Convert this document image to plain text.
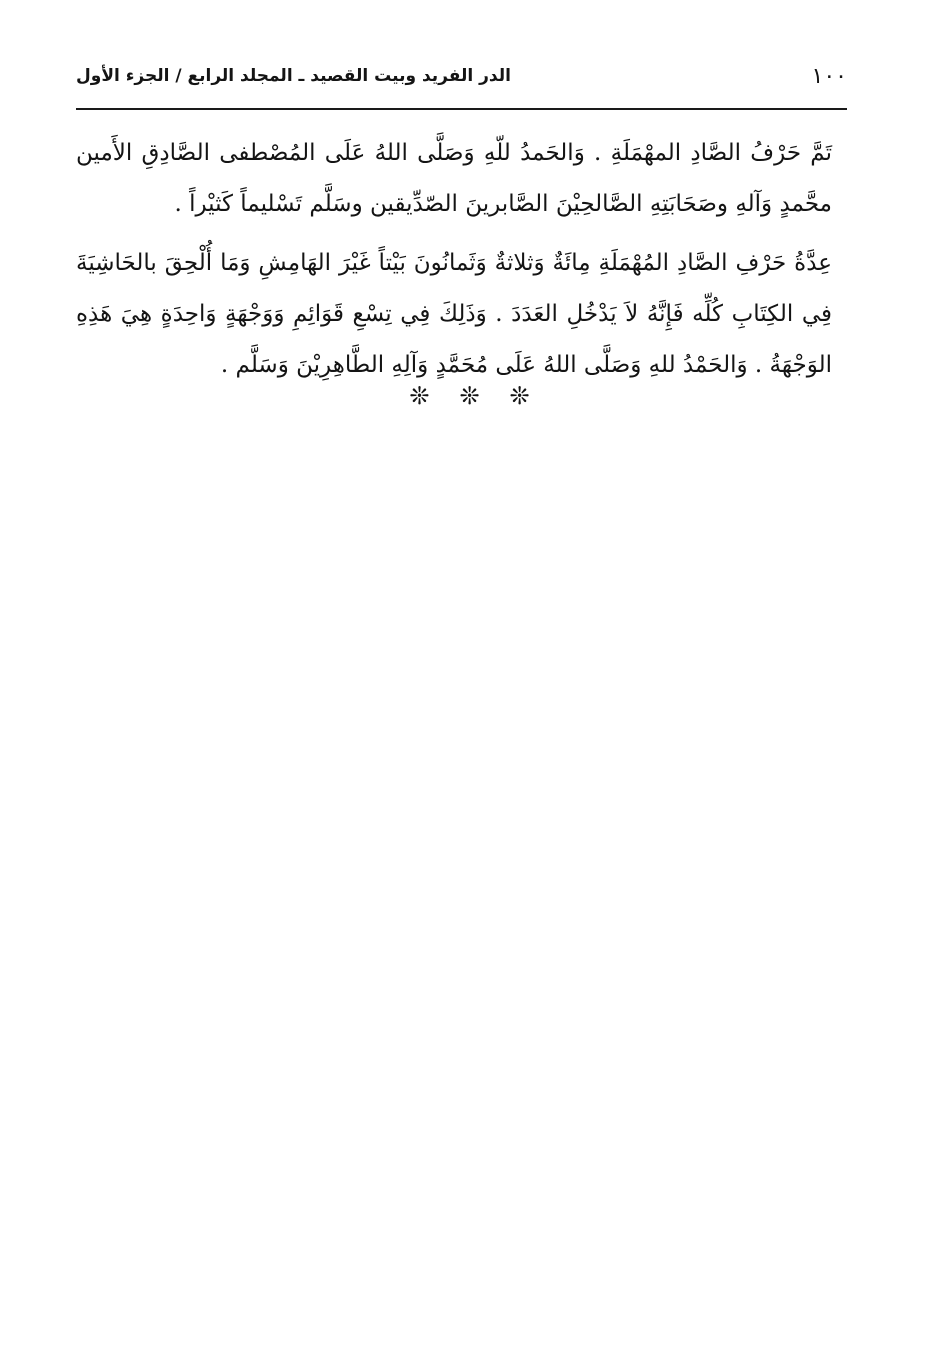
١٠٠
الدر الفريد وبيت القصيد ـ المجلد الرابع / الجزء الأول

تَمَّ حَرْفُ الصَّادِ المهْمَلَةِ . وَالحَمدُ للّهِ وَصَلَّى اللهُ عَلَى المُصْطفى الصَّادِقِ الأَمين محَّمدٍ وَآلهِ وصَحَابَتِهِ الصَّالحِيْنَ الصَّابرينَ الصّدِّيقين وسَلَّم تَسْليماً كَثيْراً .

عِدَّةُ حَرْفِ الصَّادِ المُهْمَلَةِ مِائَةٌ وَثلاثةٌ وَثَمانُونَ بَيْتاً غَيْرَ الهَامِشِ وَمَا أُلْحِقَ بالحَاشِيَةَ فِي الكِتَابِ كُلِّه فَإِنَّهُ لاَ يَدْخُلِ العَدَدَ . وَذَلِكَ فِي تِسْعِ قَوَائِمِ وَوَجْهَةٍ وَاحِدَةٍ هِيَ هَذِهِ الوَجْهَةُ . وَالحَمْدُ للهِ وَصَلَّى اللهُ عَلَى مُحَمَّدٍ وَآلِهِ الطَّاهِرِيْنَ وَسَلَّم .

❊❊❊
